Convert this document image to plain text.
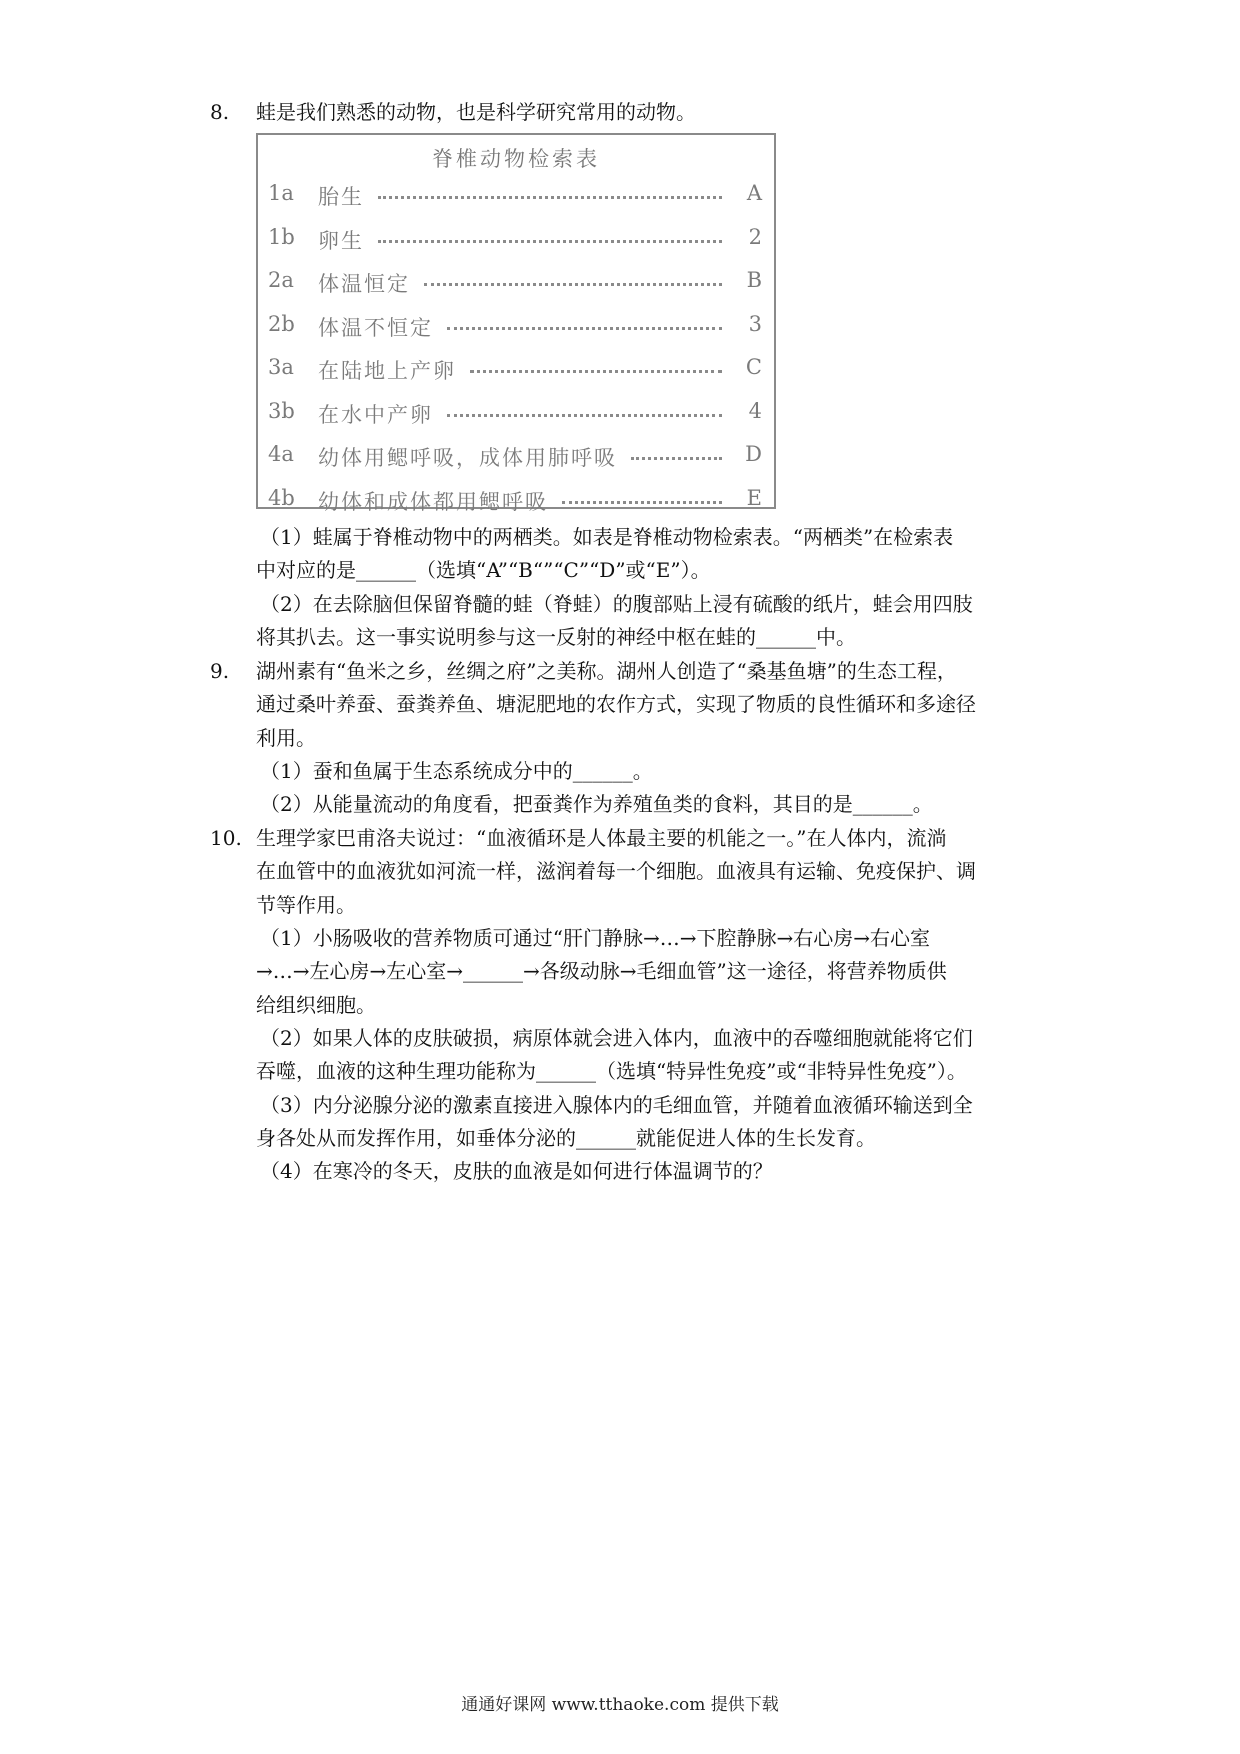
8. 蛙是我们熟悉的动物，也是科学研究常用的动物。
脊椎动物检索表
1a	胎生	A
1b	卵生	2
2a	体温恒定	B
2b	体温不恒定	3
3a	在陆地上产卵	C
3b	在水中产卵	4
4a	幼体用鳃呼吸，成体用肺呼吸	D
4b	幼体和成体都用鳃呼吸	E
（1）蛙属于脊椎动物中的两栖类。如表是脊椎动物检索表。“两栖类”在检索表
中对应的是______（选填“A”“B“”“C”“D”或“E”）。
（2）在去除脑但保留脊髓的蛙（脊蛙）的腹部贴上浸有硫酸的纸片，蛙会用四肢
将其扒去。这一事实说明参与这一反射的神经中枢在蛙的______中。
9. 湖州素有“鱼米之乡，丝绸之府”之美称。湖州人创造了“桑基鱼塘”的生态工程，
通过桑叶养蚕、蚕粪养鱼、塘泥肥地的农作方式，实现了物质的良性循环和多途径
利用。
（1）蚕和鱼属于生态系统成分中的______。
（2）从能量流动的角度看，把蚕粪作为养殖鱼类的食料，其目的是______。
10. 生理学家巴甫洛夫说过：“血液循环是人体最主要的机能之一。”在人体内，流淌
在血管中的血液犹如河流一样，滋润着每一个细胞。血液具有运输、免疫保护、调
节等作用。
（1）小肠吸收的营养物质可通过“肝门静脉→…→下腔静脉→右心房→右心室
→…→左心房→左心室→______→各级动脉→毛细血管”这一途径，将营养物质供
给组织细胞。
（2）如果人体的皮肤破损，病原体就会进入体内，血液中的吞噬细胞就能将它们
吞噬，血液的这种生理功能称为______（选填“特异性免疫”或“非特异性免疫”）。
（3）内分泌腺分泌的激素直接进入腺体内的毛细血管，并随着血液循环输送到全
身各处从而发挥作用，如垂体分泌的______就能促进人体的生长发育。
（4）在寒冷的冬天，皮肤的血液是如何进行体温调节的？
通通好课网 www.tthaoke.com 提供下载
